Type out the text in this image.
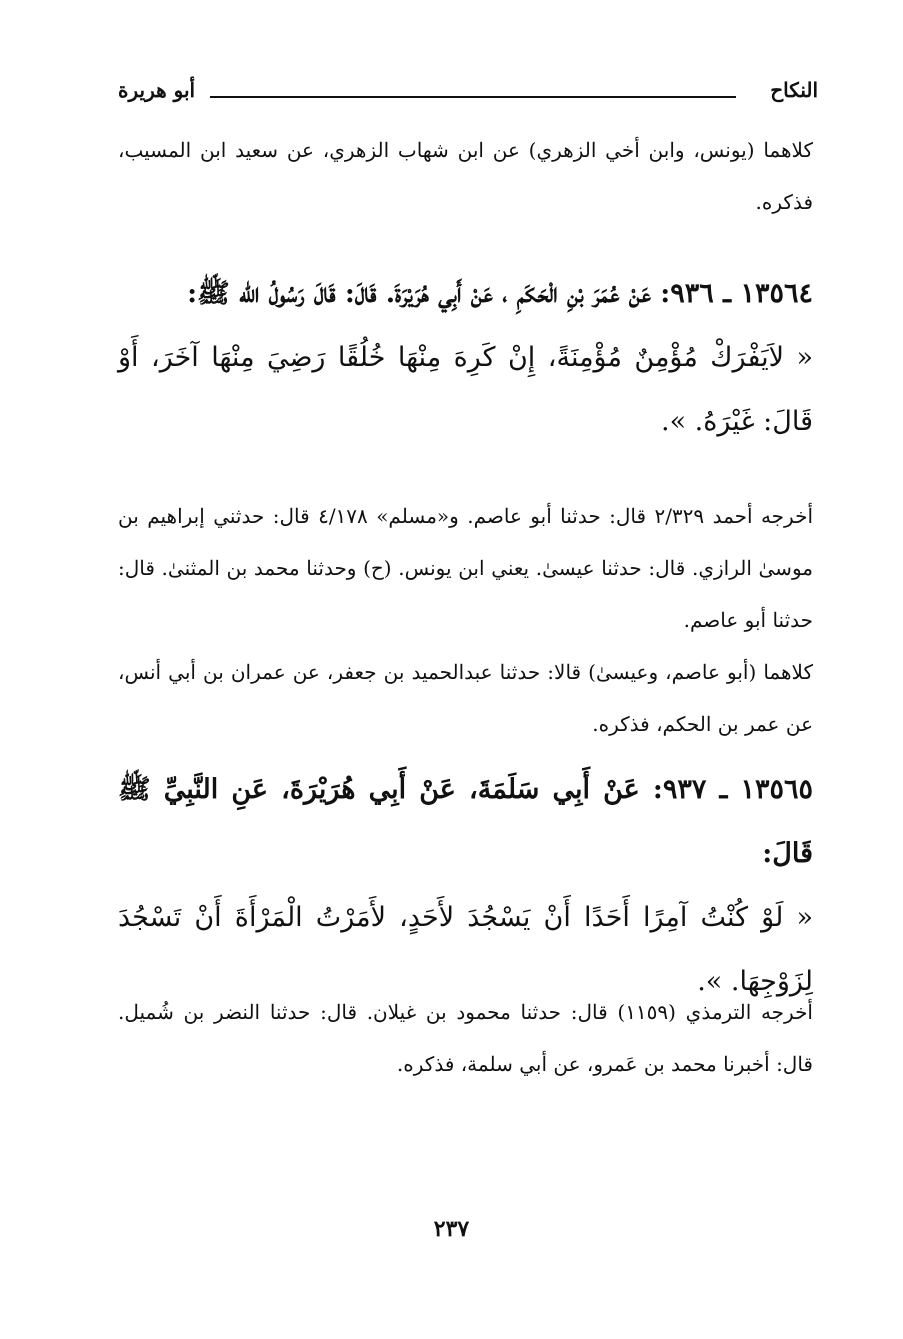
النكاح
أبو هريرة

كلاهما (يونس، وابن أخي الزهري) عن ابن شهاب الزهري، عن سعيد ابن المسيب، فذكره.

١٣٥٦٤ ـ ٩٣٦: عَنْ عُمَرَ بْنِ الْحَكَمِ ، عَنْ أَبِي هُرَيْرَةَ. قَالَ: قَالَ رَسُولُ الله ﷺ:

« لاَيَفْرَكْ مُؤْمِنٌ مُؤْمِنَةً، إِنْ كَرِهَ مِنْهَا خُلُقًا رَضِيَ مِنْهَا آخَرَ، أَوْ قَالَ: غَيْرَهُ. ».

أخرجه أحمد ٢/٣٢٩ قال: حدثنا أبو عاصم. و«مسلم» ٤/١٧٨ قال: حدثني إبراهيم بن موسىٰ الرازي. قال: حدثنا عيسىٰ. يعني ابن يونس. (ح) وحدثنا محمد بن المثنىٰ. قال: حدثنا أبو عاصم.

كلاهما (أبو عاصم، وعيسىٰ) قالا: حدثنا عبدالحميد بن جعفر، عن عمران بن أبي أنس، عن عمر بن الحكم، فذكره.

١٣٥٦٥ ـ ٩٣٧: عَنْ أَبِي سَلَمَةَ، عَنْ أَبِي هُرَيْرَةَ، عَنِ النَّبِيِّ ﷺ قَالَ:

« لَوْ كُنْتُ آمِرًا أَحَدًا أَنْ يَسْجُدَ لأَحَدٍ، لأَمَرْتُ الْمَرْأَةَ أَنْ تَسْجُدَ لِزَوْجِهَا. ».

أخرجه الترمذي (١١٥٩) قال: حدثنا محمود بن غيلان. قال: حدثنا النضر بن شُميل. قال: أخبرنا محمد بن عَمرو، عن أبي سلمة، فذكره.

٢٣٧
